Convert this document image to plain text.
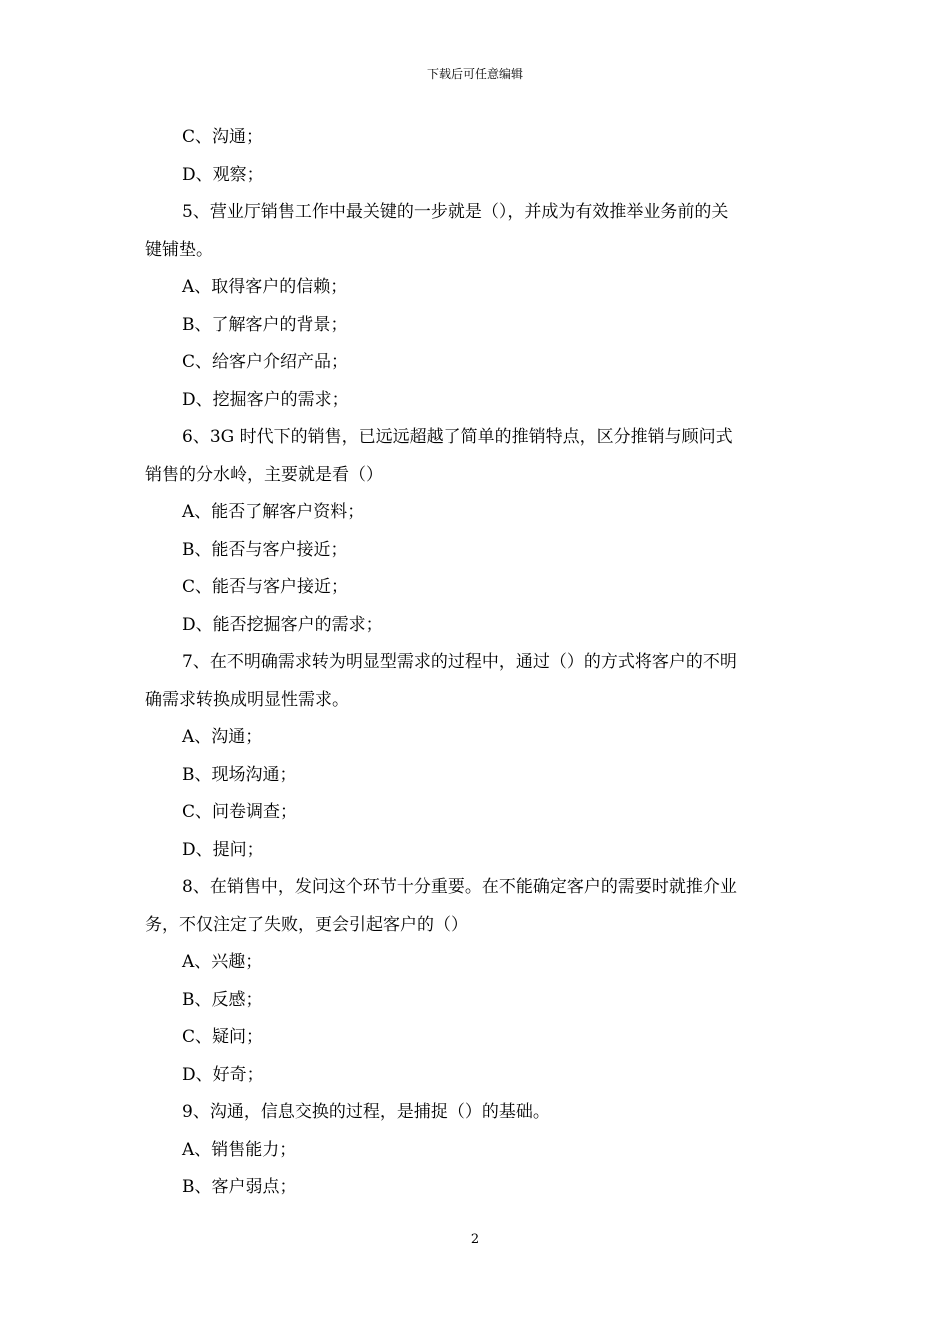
下载后可任意编辑
C、沟通；
D、观察；
5、营业厅销售工作中最关键的一步就是（），并成为有效推举业务前的关
键铺垫。
A、取得客户的信赖；
B、了解客户的背景；
C、给客户介绍产品；
D、挖掘客户的需求；
6、3G 时代下的销售，已远远超越了简单的推销特点，区分推销与顾问式
销售的分水岭，主要就是看（）
A、能否了解客户资料；
B、能否与客户接近；
C、能否与客户接近；
D、能否挖掘客户的需求；
7、在不明确需求转为明显型需求的过程中，通过（）的方式将客户的不明
确需求转换成明显性需求。
A、沟通；
B、现场沟通；
C、问卷调查；
D、提问；
8、在销售中，发问这个环节十分重要。在不能确定客户的需要时就推介业
务，不仅注定了失败，更会引起客户的（）
A、兴趣；
B、反感；
C、疑问；
D、好奇；
9、沟通，信息交换的过程，是捕捉（）的基础。
A、销售能力；
B、客户弱点；
2
